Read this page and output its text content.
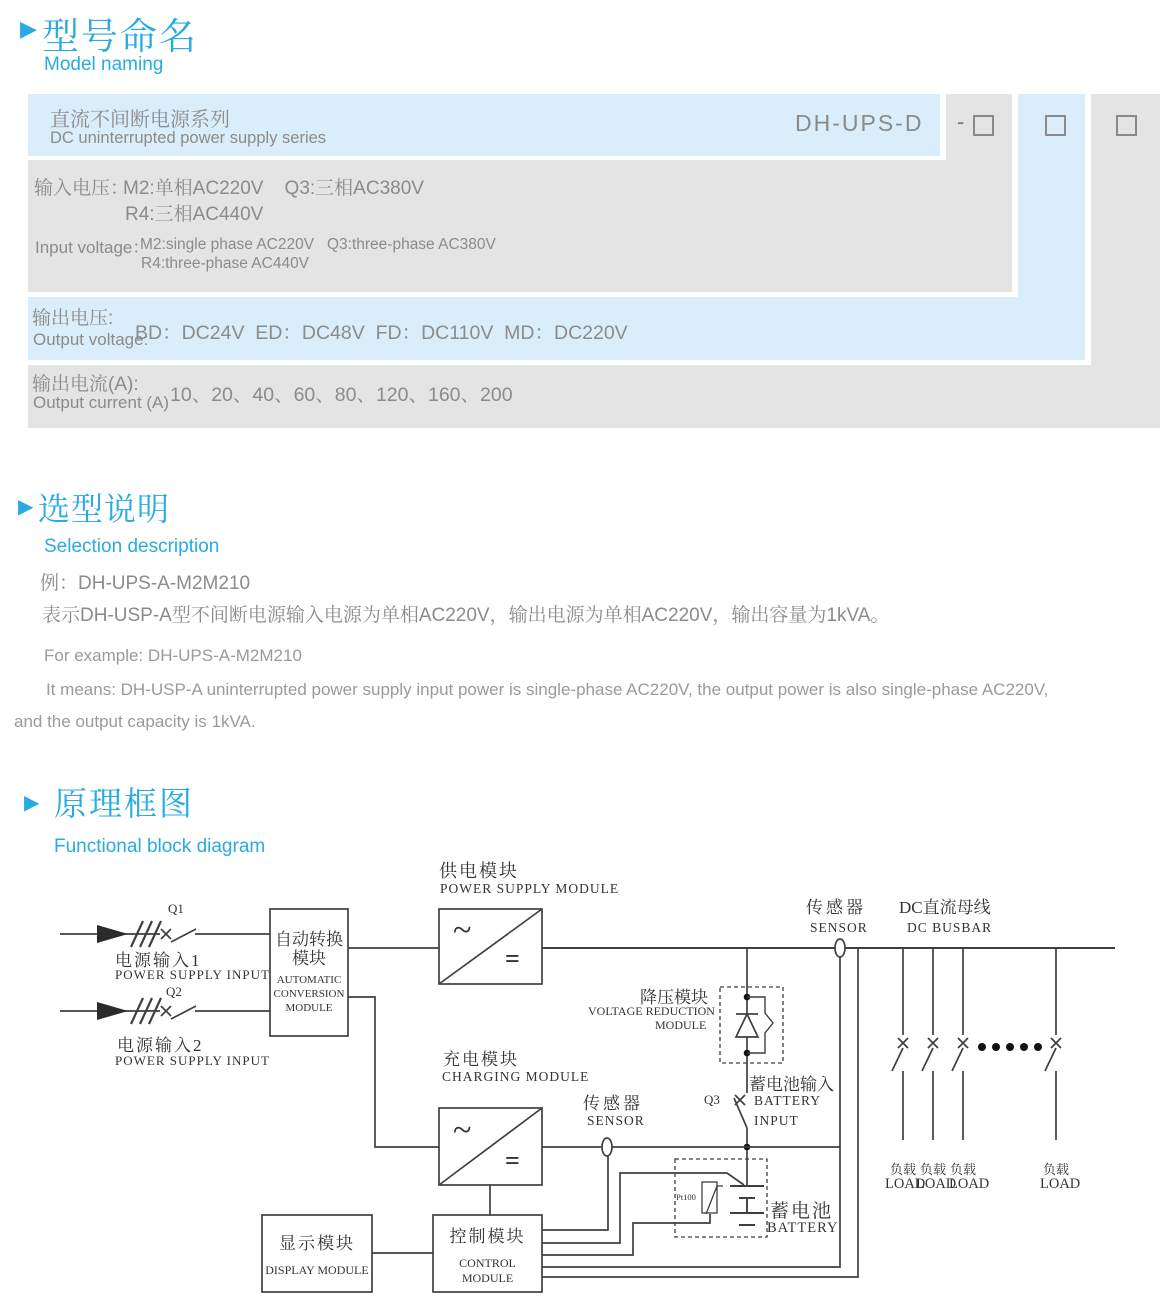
▶ 型号命名
Model naming

直流不间断电源系列

DC uninterrupted power supply series

DH-UPS-D

-

输入电压：

M2:单相AC220V    Q3:三相AC380V

R4:三相AC440V

Input voltage：

M2:single phase AC220V   Q3:three-phase AC380V

R4:three-phase AC440V

输出电压:

Output voltage:

BD：DC24V  ED：DC48V  FD：DC110V  MD：DC220V

输出电流(A):

Output current (A)

10、20、40、60、80、120、160、200

▶ 选型说明
Selection description
例：DH-UPS-A-M2M210
表示DH-USP-A型不间断电源输入电源为单相AC220V，输出电源为单相AC220V，输出容量为1kVA。
For example: DH-UPS-A-M2M210
It means: DH-USP-A uninterrupted power supply input power is single-phase AC220V, the output power is also single-phase AC220V,
and the output capacity is 1kVA.
▶ 原理框图
Functional block diagram
Q1
电源输入1
POWER SUPPLY INPUT
Q2
电源输入2
POWER SUPPLY INPUT
自动转换
模块
AUTOMATIC
CONVERSION
MODULE
供电模块
POWER SUPPLY MODULE
~
=
传感器
SENSOR
DC直流母线
DC BUSBAR
降压模块
VOLTAGE REDUCTION
MODULE
充电模块
CHARGING MODULE
~
=
传感器
SENSOR
蓄电池输入
Q3	BATTERY
INPUT
Pt100
蓄电池
BATTERY
显示模块
DISPLAY MODULE
控制模块
CONTROL MODULE
负载 负载 负载	负载
LOAD
LOAD
LOAD	LOAD
